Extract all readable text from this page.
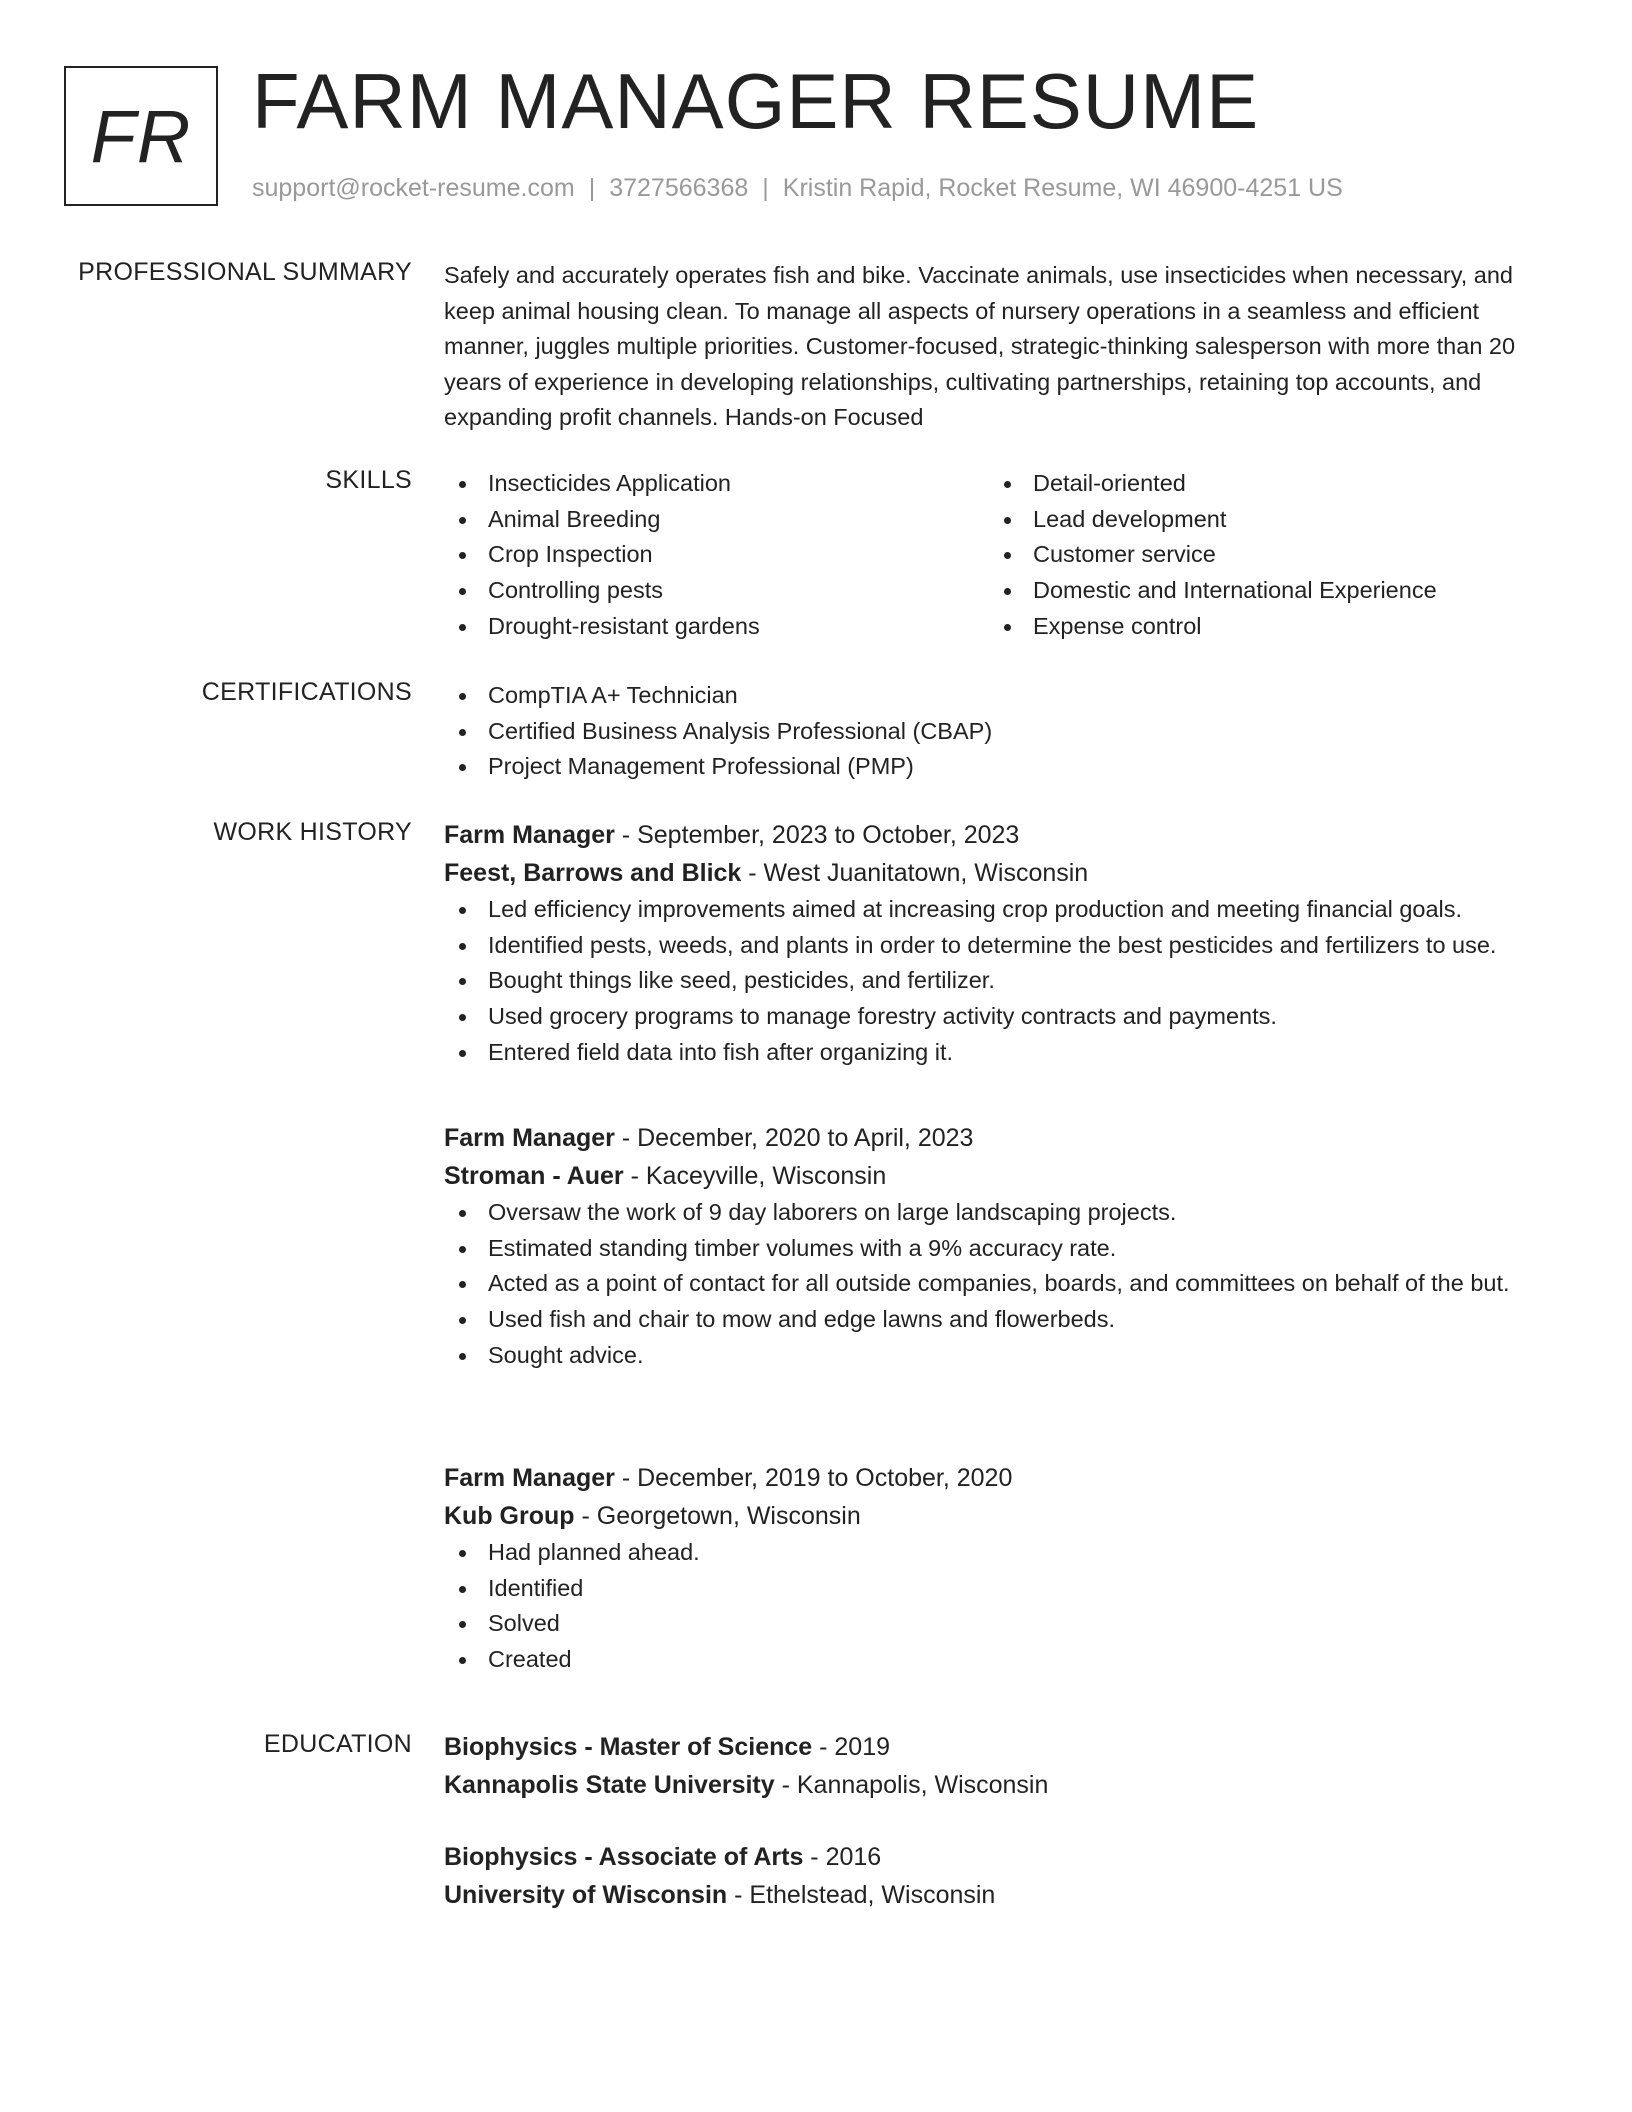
FR FARM MANAGER RESUME
support@rocket-resume.com | 3727566368 | Kristin Rapid, Rocket Resume, WI 46900-4251 US
PROFESSIONAL SUMMARY Safely and accurately operates fish and bike. Vaccinate animals, use insecticides when necessary, and keep animal housing clean. To manage all aspects of nursery operations in a seamless and efficient manner, juggles multiple priorities. Customer-focused, strategic-thinking salesperson with more than 20 years of experience in developing relationships, cultivating partnerships, retaining top accounts, and expanding profit channels. Hands-on Focused
SKILLS	Insecticides Application
Animal Breeding
Crop Inspection
Controlling pests
Drought-resistant gardens
Detail-oriented
Lead development
Customer service
Domestic and International Experience
Expense control
CERTIFICATIONS	CompTIA A+ Technician
Certified Business Analysis Professional (CBAP)
Project Management Professional (PMP)
WORK HISTORY Farm Manager - September, 2023 to October, 2023
Feest, Barrows and Blick - West Juanitatown, Wisconsin
Led efficiency improvements aimed at increasing crop production and meeting financial goals.
Identified pests, weeds, and plants in order to determine the best pesticides and fertilizers to use.
Bought things like seed, pesticides, and fertilizer.
Used grocery programs to manage forestry activity contracts and payments.
Entered field data into fish after organizing it.
Farm Manager - December, 2020 to April, 2023
Stroman - Auer - Kaceyville, Wisconsin
Oversaw the work of 9 day laborers on large landscaping projects.
Estimated standing timber volumes with a 9% accuracy rate.
Acted as a point of contact for all outside companies, boards, and committees on behalf of the but.
Used fish and chair to mow and edge lawns and flowerbeds.
Sought advice.
Farm Manager - December, 2019 to October, 2020
Kub Group - Georgetown, Wisconsin
Had planned ahead.
Identified
Solved
Created
EDUCATION Biophysics - Master of Science - 2019
Kannapolis State University - Kannapolis, Wisconsin
Biophysics - Associate of Arts - 2016
University of Wisconsin - Ethelstead, Wisconsin
